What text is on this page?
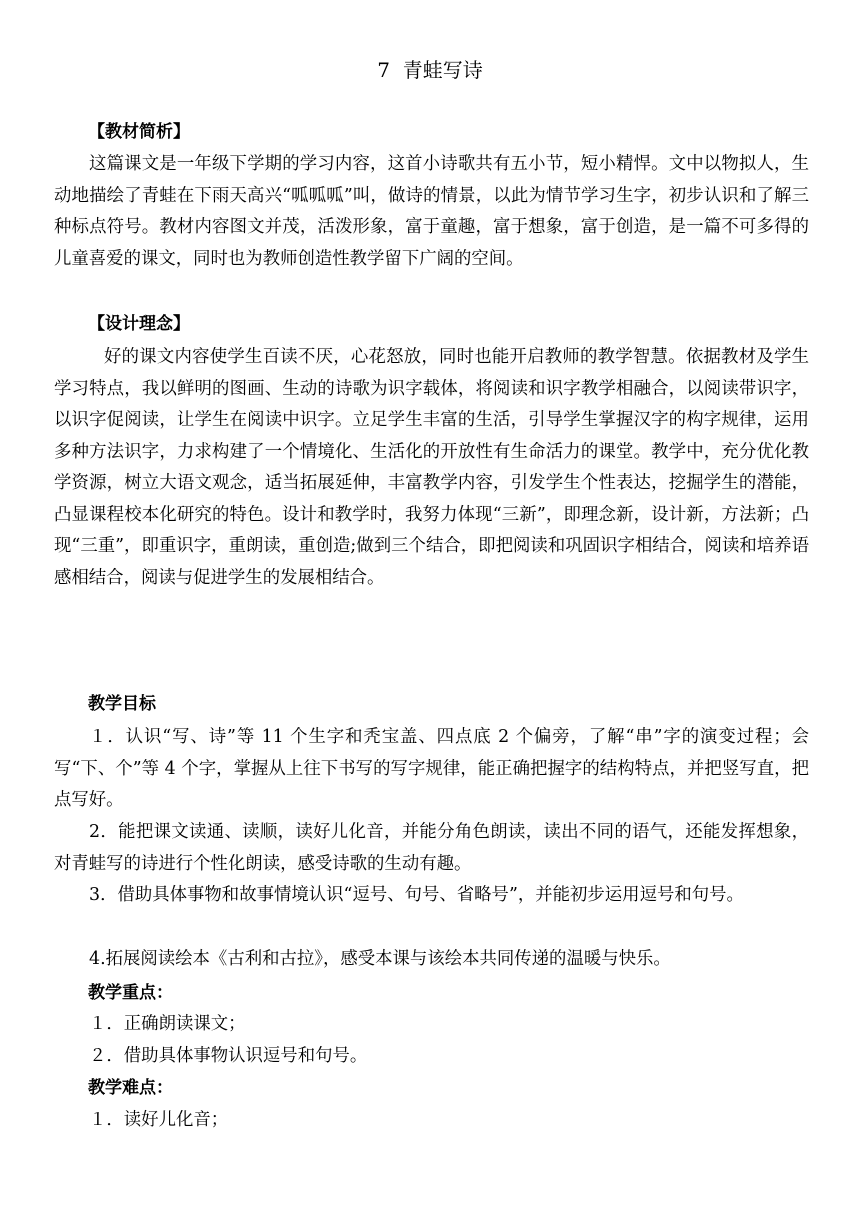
7  青蛙写诗
【教材简析】

这篇课文是一年级下学期的学习内容，这首小诗歌共有五小节，短小精悍。文中以物拟人，生动地描绘了青蛙在下雨天高兴“呱呱呱”叫，做诗的情景，以此为情节学习生字，初步认识和了解三种标点符号。教材内容图文并茂，活泼形象，富于童趣，富于想象，富于创造，是一篇不可多得的儿童喜爱的课文，同时也为教师创造性教学留下广阔的空间。

【设计理念】

好的课文内容使学生百读不厌，心花怒放，同时也能开启教师的教学智慧。依据教材及学生学习特点，我以鲜明的图画、生动的诗歌为识字载体，将阅读和识字教学相融合，以阅读带识字，以识字促阅读，让学生在阅读中识字。立足学生丰富的生活，引导学生掌握汉字的构字规律，运用多种方法识字，力求构建了一个情境化、生活化的开放性有生命活力的课堂。教学中，充分优化教学资源，树立大语文观念，适当拓展延伸，丰富教学内容，引发学生个性表达，挖掘学生的潜能，凸显课程校本化研究的特色。设计和教学时，我努力体现“三新”，即理念新，设计新，方法新；凸现“三重”，即重识字，重朗读，重创造;做到三个结合，即把阅读和巩固识字相结合，阅读和培养语感相结合，阅读与促进学生的发展相结合。

教学目标

１．认识“写、诗”等 11 个生字和秃宝盖、四点底 2 个偏旁，了解“串”字的演变过程；会写“下、个”等 4 个字，掌握从上往下书写的写字规律，能正确把握字的结构特点，并把竖写直，把点写好。

2．能把课文读通、读顺，读好儿化音，并能分角色朗读，读出不同的语气，还能发挥想象，对青蛙写的诗进行个性化朗读，感受诗歌的生动有趣。

3．借助具体事物和故事情境认识“逗号、句号、省略号”，并能初步运用逗号和句号。

4.拓展阅读绘本《古利和古拉》，感受本课与该绘本共同传递的温暖与快乐。

教学重点：

１．正确朗读课文；

２．借助具体事物认识逗号和句号。

教学难点：

１．读好儿化音；
